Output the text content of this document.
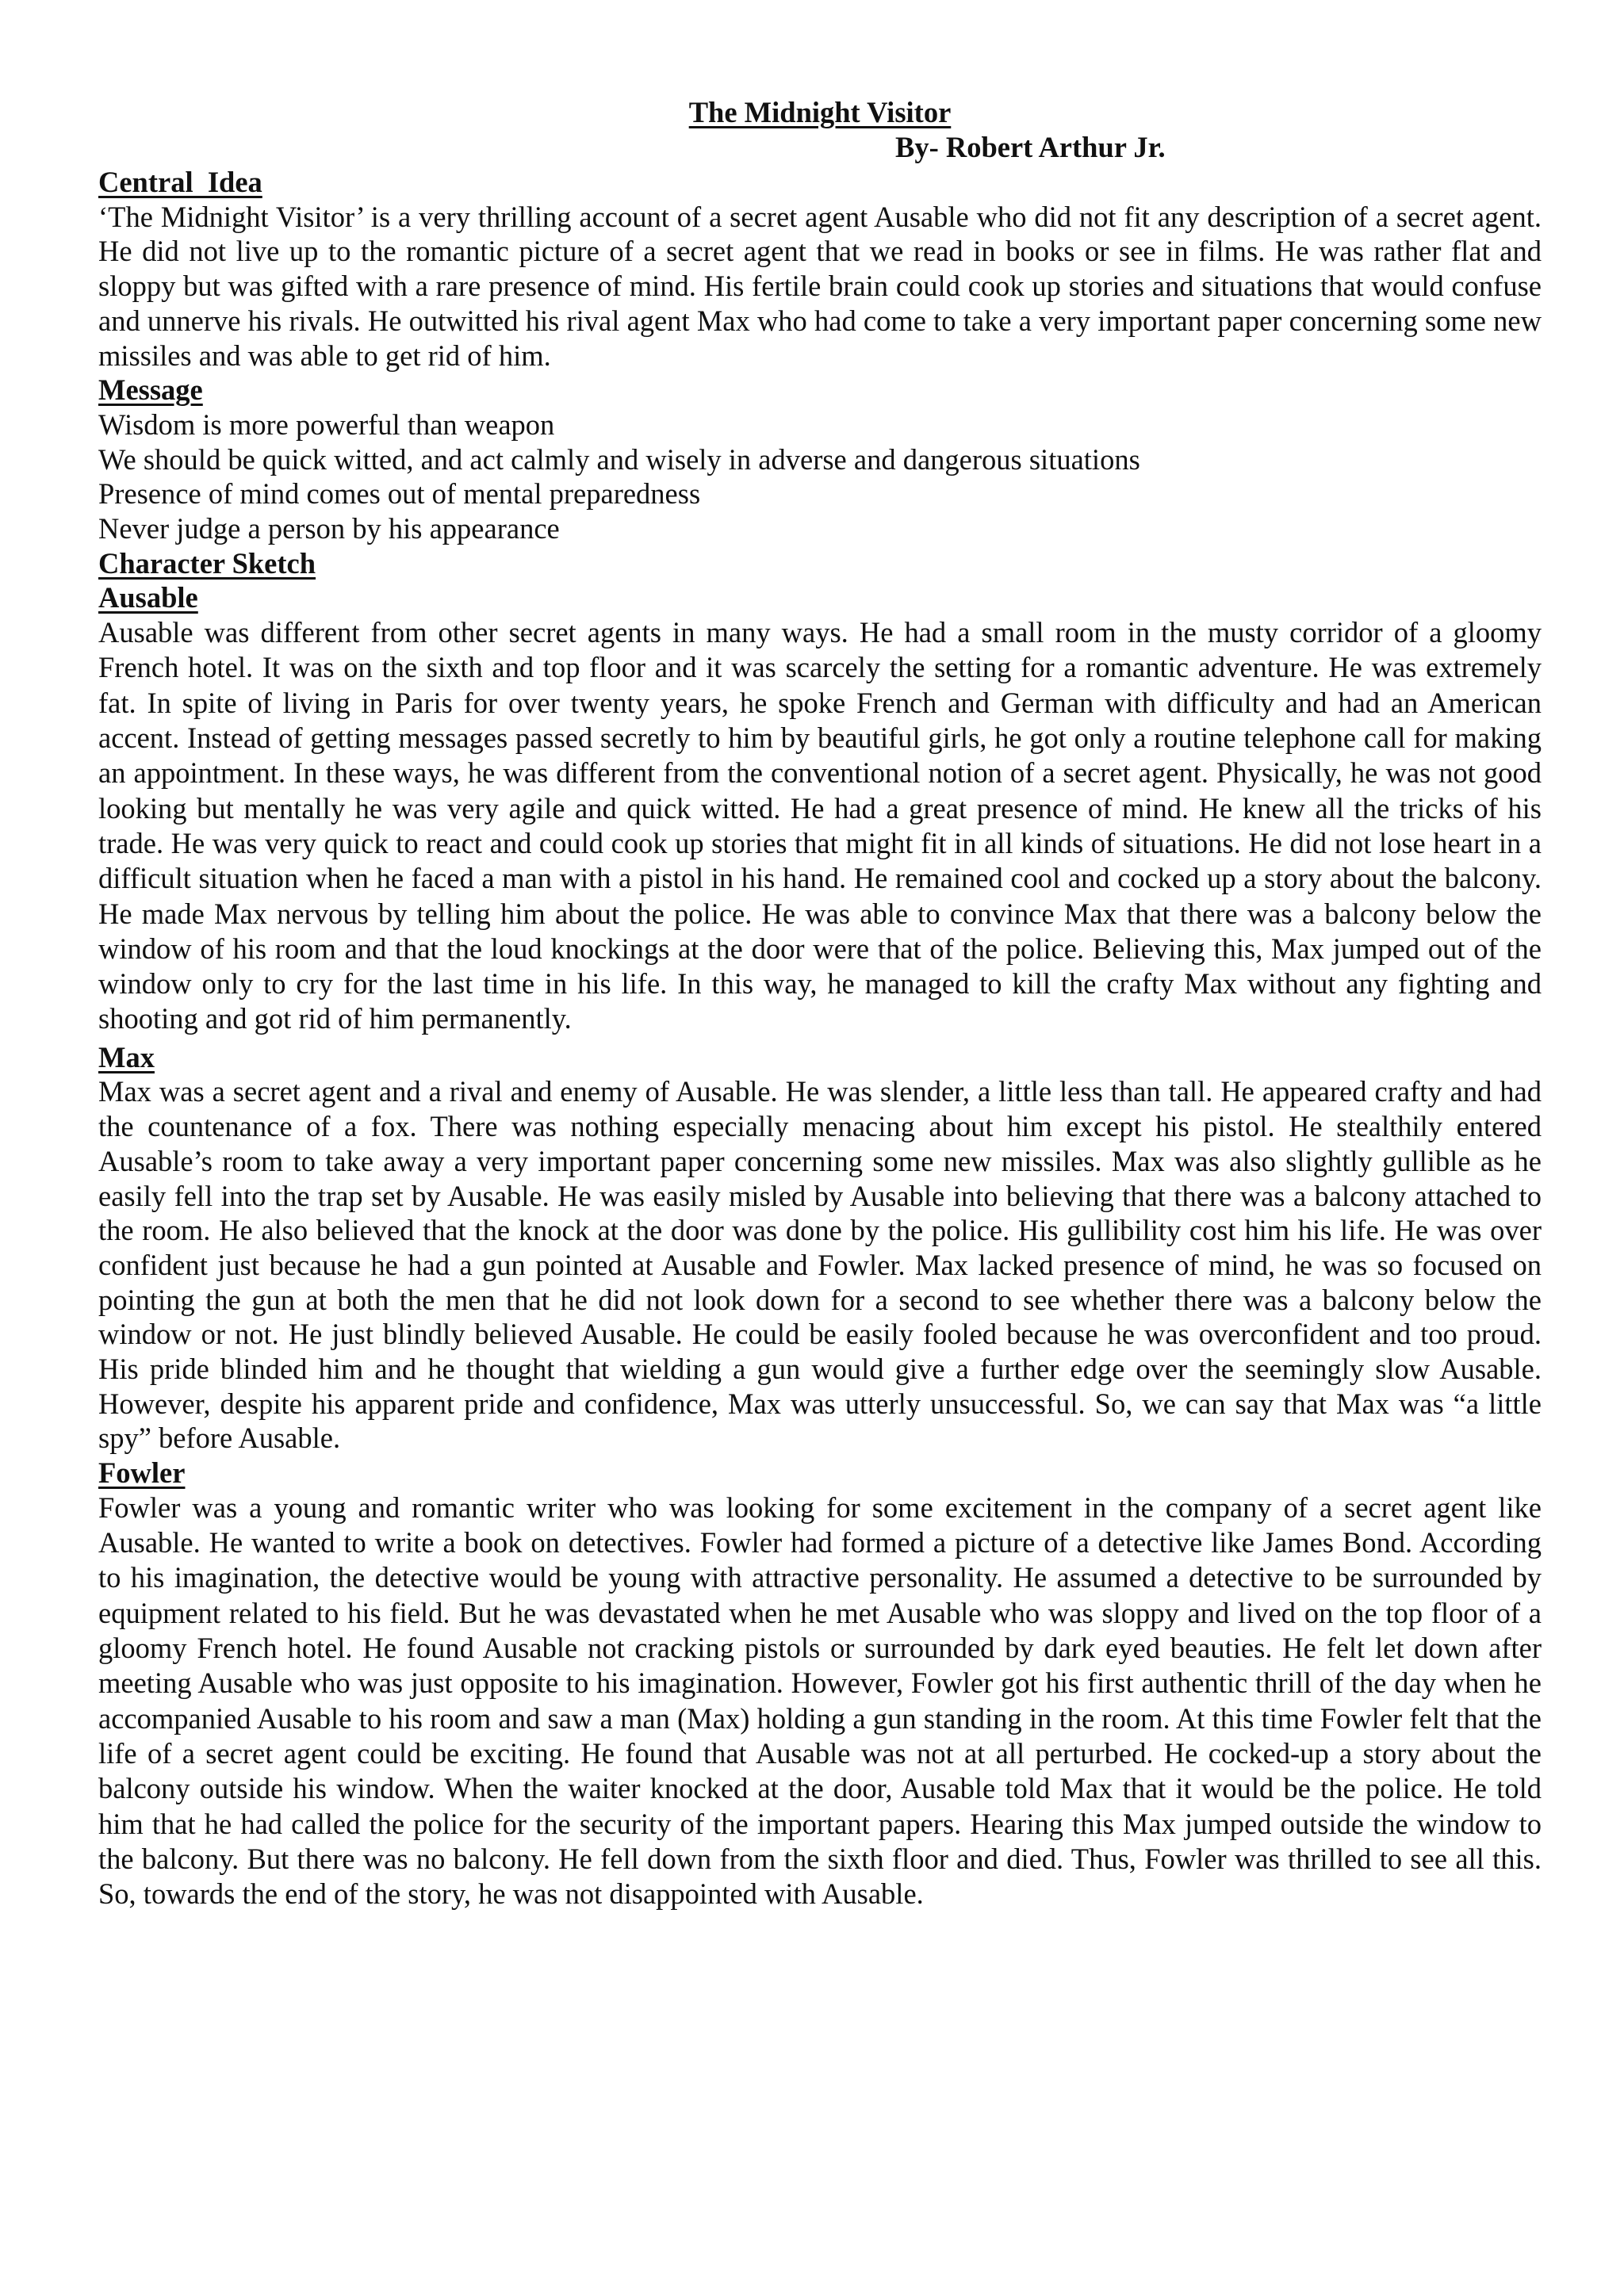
The Midnight Visitor
By- Robert Arthur Jr.
Central  Idea

‘The Midnight Visitor’ is a very thrilling account of a secret agent Ausable who did not fit any description of a secret agent. He did not live up to the romantic picture of a secret agent that we read in books or see in films. He was rather flat and sloppy but was gifted with a rare presence of mind. His fertile brain could cook up stories and situations that would confuse and unnerve his rivals. He outwitted his rival agent Max who had come to take a very important paper concerning some new missiles and was able to get rid of him.

Message

Wisdom is more powerful than weapon

We should be quick witted, and act calmly and wisely in adverse and dangerous situations

Presence of mind comes out of mental preparedness

Never judge a person by his appearance

Character Sketch
Ausable

Ausable was different from other secret agents in many ways. He had a small room in the musty corridor of a gloomy French hotel. It was on the sixth and top floor and it was scarcely the setting for a romantic adventure. He was extremely fat. In spite of living in Paris for over twenty years, he spoke French and German with difficulty and had an American accent. Instead of getting messages passed secretly to him by beautiful girls, he got only a routine telephone call for making an appointment. In these ways, he was different from the conventional notion of a secret agent. Physically, he was not good looking but mentally he was very agile and quick witted. He had a great presence of mind. He knew all the tricks of his trade. He was very quick to react and could cook up stories that might fit in all kinds of situations. He did not lose heart in a difficult situation when he faced a man with a pistol in his hand. He remained cool and cocked up a story about the balcony. He made Max nervous by telling him about the police. He was able to convince Max that there was a balcony below the window of his room and that the loud knockings at the door were that of the police. Believing this, Max jumped out of the window only to cry for the last time in his life. In this way, he managed to kill the crafty Max without any fighting and shooting and got rid of him permanently.

Max

Max was a secret agent and a rival and enemy of Ausable. He was slender, a little less than tall. He appeared crafty and had the countenance of a fox. There was nothing especially menacing about him except his pistol. He stealthily entered Ausable’s room to take away a very important paper concerning some new missiles. Max was also slightly gullible as he easily fell into the trap set by Ausable. He was easily misled by Ausable into believing that there was a balcony attached to the room. He also believed that the knock at the door was done by the police. His gullibility cost him his life. He was over confident just because he had a gun pointed at Ausable and Fowler. Max lacked presence of mind, he was so focused on pointing the gun at both the men that he did not look down for a second to see whether there was a balcony below the window or not. He just blindly believed Ausable. He could be easily fooled because he was overconfident and too proud. His pride blinded him and he thought that wielding a gun would give a further edge over the seemingly slow Ausable. However, despite his apparent pride and confidence, Max was utterly unsuccessful. So, we can say that Max was “a little spy” before Ausable.

Fowler

Fowler was a young and romantic writer who was looking for some excitement in the company of a secret agent like Ausable. He wanted to write a book on detectives. Fowler had formed a picture of a detective like James Bond. According to his imagination, the detective would be young with attractive personality. He assumed a detective to be surrounded by equipment related to his field. But he was devastated when he met Ausable who was sloppy and lived on the top floor of a gloomy French hotel. He found Ausable not cracking pistols or surrounded by dark eyed beauties. He felt let down after meeting Ausable who was just opposite to his imagination. However, Fowler got his first authentic thrill of the day when he accompanied Ausable to his room and saw a man (Max) holding a gun standing in the room. At this time Fowler felt that the life of a secret agent could be exciting. He found that Ausable was not at all perturbed. He cocked-up a story about the balcony outside his window. When the waiter knocked at the door, Ausable told Max that it would be the police. He told him that he had called the police for the security of the important papers. Hearing this Max jumped outside the window to the balcony. But there was no balcony. He fell down from the sixth floor and died. Thus, Fowler was thrilled to see all this. So, towards the end of the story, he was not disappointed with Ausable.
